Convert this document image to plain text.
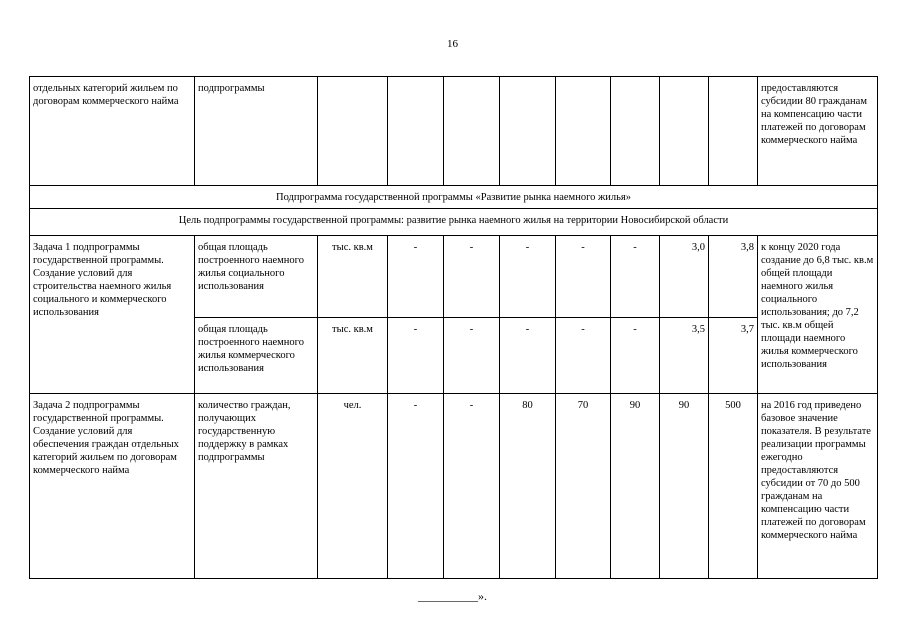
16
отдельных категорий жильем по договорам коммерческого найма	подпрограммы									предоставляются субсидии 80 гражданам на компенсацию части платежей по договорам коммерческого найма
Подпрограмма государственной программы «Развитие рынка наемного жилья»										
Цель подпрограммы государственной программы: развитие рынка наемного жилья на территории Новосибирской области										
Задача 1 подпрограммы государственной программы. Создание условий для строительства наемного жилья социального и коммерческого использования	общая площадь построенного наемного жилья социального использования	тыс. кв.м	-	-	-	-	-	3,0	3,8	к концу 2020 года создание до 6,8 тыс. кв.м общей площади наемного жилья социального использования; до 7,2 тыс. кв.м общей площади наемного жилья коммерческого использования
	общая площадь построенного наемного жилья коммерческого использования	тыс. кв.м	-	-	-	-	-	3,5	3,7	
Задача 2 подпрограммы государственной программы. Создание условий для обеспечения граждан отдельных категорий жильем по договорам коммерческого найма	количество граждан, получающих государственную поддержку в рамках подпрограммы	чел.	-	-	80	70	90	90	500	на 2016 год приведено базовое значение показателя. В результате реализации программы ежегодно предоставляются субсидии от 70 до 500 гражданам на компенсацию части платежей по договорам коммерческого найма
__________».
